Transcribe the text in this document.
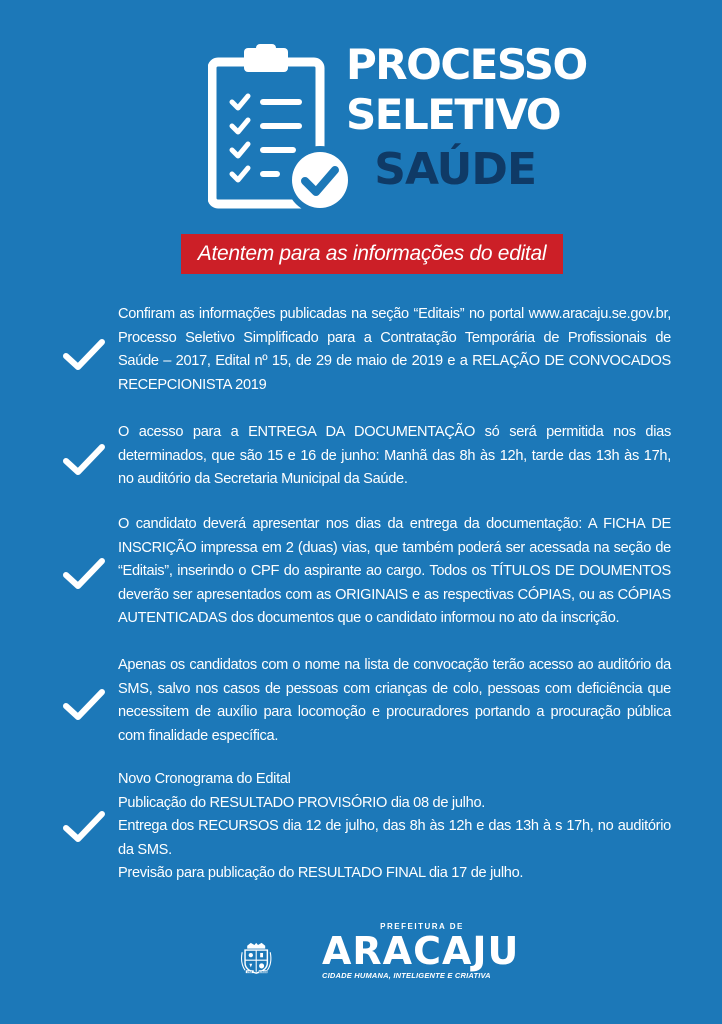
PROCESSO
SELETIVO
SAÚDE
Atentem para as informações do edital

Confiram as informações publicadas na seção “Editais” no portal www.aracaju.se.gov.br, Processo Seletivo Simplificado para a Contratação Temporária de Profissionais de Saúde – 2017, Edital nº 15, de 29 de maio de 2019 e a RELAÇÃO DE CONVOCADOS RECEPCIONISTA 2019

O acesso para a ENTREGA DA DOCUMENTAÇÃO só será permitida nos dias determinados, que são 15 e 16 de junho: Manhã das 8h às 12h, tarde das 13h às 17h, no auditório da Secretaria Municipal da Saúde.

O candidato deverá apresentar nos dias da entrega da documentação: A FICHA DE INSCRIÇÃO impressa em 2 (duas) vias, que também poderá ser acessada na seção de “Editais”, inserindo o CPF do aspirante ao cargo. Todos os TÍTULOS DE DOUMENTOS deverão ser apresentados com as ORIGINAIS e as respectivas CÓPIAS, ou as CÓPIAS AUTENTICADAS dos documentos que o candidato informou no ato da inscrição.

Apenas os candidatos com o nome na lista de convocação terão acesso ao auditório da SMS, salvo nos casos de pessoas com crianças de colo, pessoas com deficiência que necessitem de auxílio para locomoção e procuradores portando a procuração pública com finalidade específica.

Novo Cronograma do Edital
Publicação do RESULTADO PROVISÓRIO dia 08 de julho.
Entrega dos RECURSOS dia 12 de julho, das 8h às 12h e das 13h à s 17h, no auditório da SMS.
Previsão para publicação do RESULTADO FINAL dia 17 de julho.
PAX LABOR
PREFEITURA DE
ARACAJU
CIDADE HUMANA, INTELIGENTE E CRIATIVA
